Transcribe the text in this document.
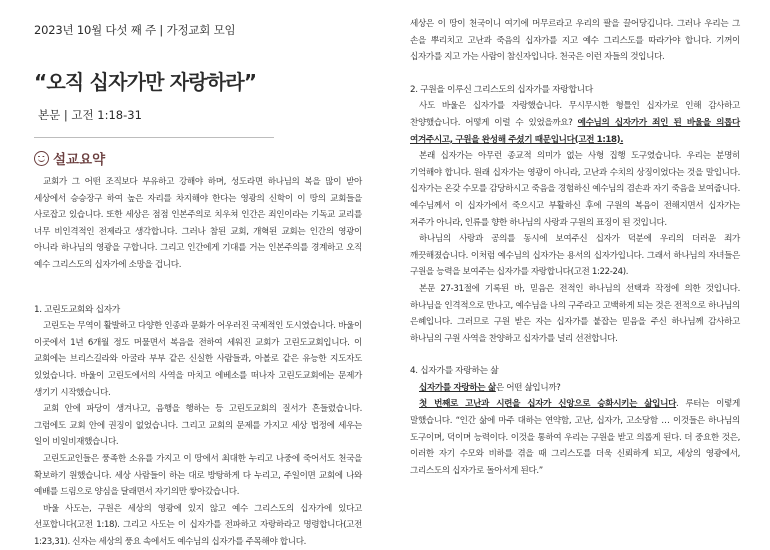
2023년 10월 다섯 째 주 | 가정교회 모임
“오직 십자가만 자랑하라”
본문 | 고전 1:18-31
설교요약

교회가 그 어떤 조직보다 부유하고 강해야 하며, 성도라면 하나님의 복을 많이 받아 세상에서 승승장구 하여 높은 자리를 차지해야 한다는 영광의 신학이 이 땅의 교회들을 사로잡고 있습니다. 또한 세상은 점점 인본주의로 치우쳐 인간은 죄인이라는 기독교 교리를 너무 비인격적인 전제라고 생각합니다. 그러나 참된 교회, 개혁된 교회는 인간의 영광이 아니라 하나님의 영광을 구합니다. 그리고 인간에게 기대를 거는 인본주의를 경계하고 오직 예수 그리스도의 십자가에 소망을 겁니다.

1. 고린도교회와 십자가

고린도는 무역이 활발하고 다양한 인종과 문화가 어우러진 국제적인 도시였습니다. 바울이 이곳에서 1년 6개월 정도 머물면서 복음을 전하여 세워진 교회가 고린도교회입니다. 이 교회에는 브리스길라와 아굴라 부부 같은 신실한 사람들과, 아볼로 같은 유능한 지도자도 있었습니다. 바울이 고린도에서의 사역을 마치고 에베소를 떠나자 고린도교회에는 문제가 생기기 시작했습니다.

교회 안에 파당이 생겨나고, 음행을 행하는 등 고린도교회의 질서가 흔들렸습니다. 그럼에도 교회 안에 권징이 없었습니다. 그리고 교회의 문제를 가지고 세상 법정에 세우는 일이 비일비재했습니다.

고린도교인들은 풍족한 소유를 가지고 이 땅에서 최대한 누리고 나중에 죽어서도 천국을 확보하기 원했습니다. 세상 사람들이 하는 대로 방탕하게 다 누리고, 주일이면 교회에 나와 예배를 드림으로 양심을 달래면서 자기의만 쌓아갔습니다.

바울 사도는, 구원은 세상의 영광에 있지 않고 예수 그리스도의 십자가에 있다고 선포합니다(고전 1:18). 그리고 사도는 이 십자가를 전파하고 자랑하라고 명령합니다(고전 1:23,31). 신자는 세상의 풍요 속에서도 예수님의 십자가를 주목해야 합니다.

세상은 이 땅이 천국이니 여기에 머무르라고 우리의 팔을 끌어당깁니다. 그러나 우리는 그 손을 뿌리치고 고난과 죽음의 십자가를 지고 예수 그리스도를 따라가야 합니다. 기꺼이 십자가를 지고 가는 사람이 참신자입니다. 천국은 이런 자들의 것입니다.

2. 구원을 이루신 그리스도의 십자가를 자랑합니다

사도 바울은 십자가를 자랑했습니다. 무시무시한 형틀인 십자가로 인해 감사하고 찬양했습니다. 어떻게 이럴 수 있었을까요? 예수님의 십자가가 죄인 된 바울을 의롭다 여겨주시고, 구원을 완성해 주셨기 때문입니다(고전 1:18).

본래 십자가는 아무런 종교적 의미가 없는 사형 집행 도구였습니다. 우리는 분명히 기억해야 합니다. 원래 십자가는 영광이 아니라, 고난과 수치의 상징이었다는 것을 말입니다. 십자가는 온갖 수모를 감당하시고 죽음을 경험하신 예수님의 겸손과 자기 죽음을 보여줍니다. 예수님께서 이 십자가에서 죽으시고 부활하신 후에 구원의 복음이 전해지면서 십자가는 저주가 아니라, 인류를 향한 하나님의 사랑과 구원의 표징이 된 것입니다.

하나님의 사랑과 공의를 동시에 보여주신 십자가 덕분에 우리의 더러운 죄가 깨끗해졌습니다. 이처럼 예수님의 십자가는 용서의 십자가입니다. 그래서 하나님의 자녀들은 구원을 능력을 보여주는 십자가를 자랑합니다(고전 1:22-24).

본문 27-31절에 기록된 바, 믿음은 전적인 하나님의 선택과 작정에 의한 것입니다. 하나님을 인격적으로 만나고, 예수님을 나의 구주라고 고백하게 되는 것은 전적으로 하나님의 은혜입니다. 그러므로 구원 받은 자는 십자가를 붙잡는 믿음을 주신 하나님께 감사하고 하나님의 구원 사역을 찬양하고 십자가를 널리 선전합니다.

4. 십자가를 자랑하는 삶

십자가를 자랑하는 삶은 어떤 삶입니까?

첫 번째로 고난과 시련을 십자가 신앙으로 승화시키는 삶입니다. 루터는 이렇게 말했습니다. “인간 삶에 마주 대하는 연약함, 고난, 십자가, 고소당함 … 이것들은 하나님의 도구이며, 덕이며 능력이다. 이것을 통하여 우리는 구원을 받고 의롭게 된다. 더 중요한 것은, 이러한 자기 수모와 비하를 겪을 때 그리스도를 더욱 신뢰하게 되고, 세상의 영광에서, 그리스도의 십자가로 돌아서게 된다.”
